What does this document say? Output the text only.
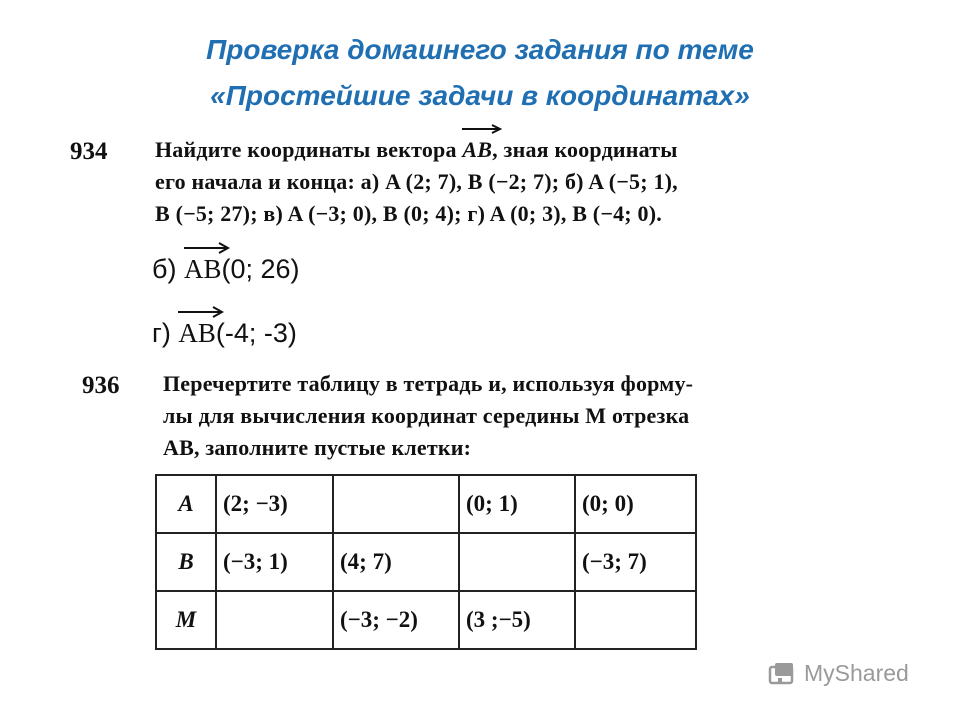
Проверка домашнего задания по теме
«Простейшие задачи в координатах»
934 Найдите координаты вектора
AB, зная координаты
его начала и конца: а) A (2; 7), B (−2; 7); б) A (−5; 1),
B (−5; 27); в) A (−3; 0), B (0; 4); г) A (0; 3), B (−4; 0).
б) AB(0; 26)
г) AB(-4; -3)
936 Перечертите таблицу в тетрадь и, используя форму-
лы для вычисления координат середины M отрезка
AB, заполните пустые клетки:
A	(2; −3)		(0; 1)	(0; 0)
B	(−3; 1)	(4; 7)		(−3; 7)
M		(−3; −2)	(3 ;−5)	
MyShared
